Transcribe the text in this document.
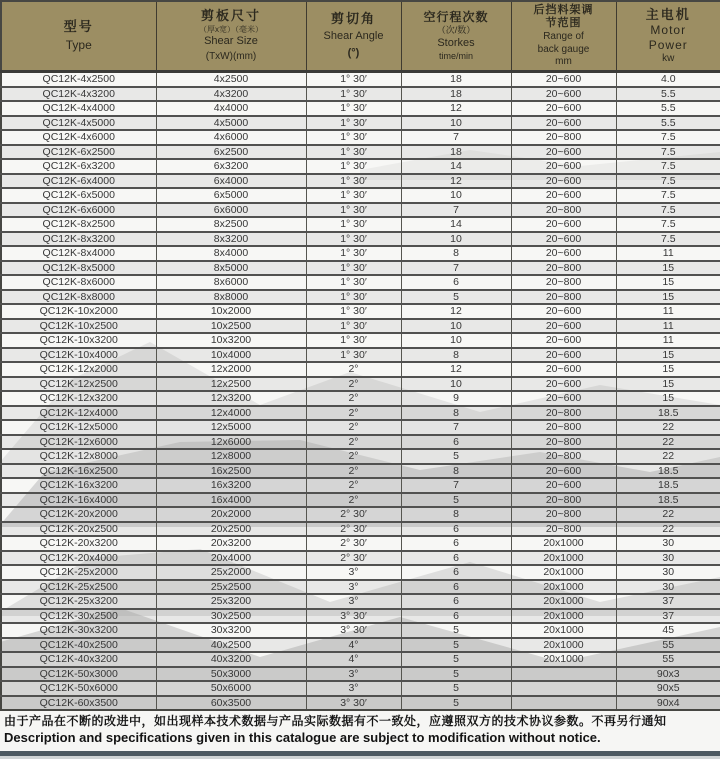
型号
Type

剪板尺寸
（厚x宽）（毫米）
Shear Size
(TxW)(mm)

剪切角
Shear Angle
(°)

空行程次数
（次/数）
Storkes
time/min

后挡料架调
节范围
Range of
back gauge
mm

主电机
Motor
Power
kw

QC12K-4x2500	4x2500	1° 30′	18	20~600	4.0
QC12K-4x3200	4x3200	1° 30′	18	20~600	5.5
QC12K-4x4000	4x4000	1° 30′	12	20~600	5.5
QC12K-4x5000	4x5000	1° 30′	10	20~600	5.5
QC12K-4x6000	4x6000	1° 30′	7	20~800	7.5
QC12K-6x2500	6x2500	1° 30′	18	20~600	7.5
QC12K-6x3200	6x3200	1° 30′	14	20~600	7.5
QC12K-6x4000	6x4000	1° 30′	12	20~600	7.5
QC12K-6x5000	6x5000	1° 30′	10	20~600	7.5
QC12K-6x6000	6x6000	1° 30′	7	20~800	7.5
QC12K-8x2500	8x2500	1° 30′	14	20~600	7.5
QC12K-8x3200	8x3200	1° 30′	10	20~600	7.5
QC12K-8x4000	8x4000	1° 30′	8	20~600	11
QC12K-8x5000	8x5000	1° 30′	7	20~800	15
QC12K-8x6000	8x6000	1° 30′	6	20~800	15
QC12K-8x8000	8x8000	1° 30′	5	20~800	15
QC12K-10x2000	10x2000	1° 30′	12	20~600	11
QC12K-10x2500	10x2500	1° 30′	10	20~600	11
QC12K-10x3200	10x3200	1° 30′	10	20~600	11
QC12K-10x4000	10x4000	1° 30′	8	20~600	15
QC12K-12x2000	12x2000	2°	12	20~600	15
QC12K-12x2500	12x2500	2°	10	20~600	15
QC12K-12x3200	12x3200	2°	9	20~600	15
QC12K-12x4000	12x4000	2°	8	20~800	18.5
QC12K-12x5000	12x5000	2°	7	20~800	22
QC12K-12x6000	12x6000	2°	6	20~800	22
QC12K-12x8000	12x8000	2°	5	20~800	22
QC12K-16x2500	16x2500	2°	8	20~600	18.5
QC12K-16x3200	16x3200	2°	7	20~600	18.5
QC12K-16x4000	16x4000	2°	5	20~800	18.5
QC12K-20x2000	20x2000	2° 30′	8	20~800	22
QC12K-20x2500	20x2500	2° 30′	6	20~800	22
QC12K-20x3200	20x3200	2° 30′	6	20x1000	30
QC12K-20x4000	20x4000	2° 30′	6	20x1000	30
QC12K-25x2000	25x2000	3°	6	20x1000	30
QC12K-25x2500	25x2500	3°	6	20x1000	30
QC12K-25x3200	25x3200	3°	6	20x1000	37
QC12K-30x2500	30x2500	3° 30′	6	20x1000	37
QC12K-30x3200	30x3200	3° 30′	5	20x1000	45
QC12K-40x2500	40x2500	4°	5	20x1000	55
QC12K-40x3200	40x3200	4°	5	20x1000	55
QC12K-50x3000	50x3000	3°	5		90x3
QC12K-50x6000	50x6000	3°	5		90x5
QC12K-60x3500	60x3500	3° 30′	5		90x4
由于产品在不断的改进中，如出现样本技术数据与产品实际数据有不一致处，应遵照双方的技术协议参数。不再另行通知
Description and specifications given in this catalogue are subject to modification without notice.
